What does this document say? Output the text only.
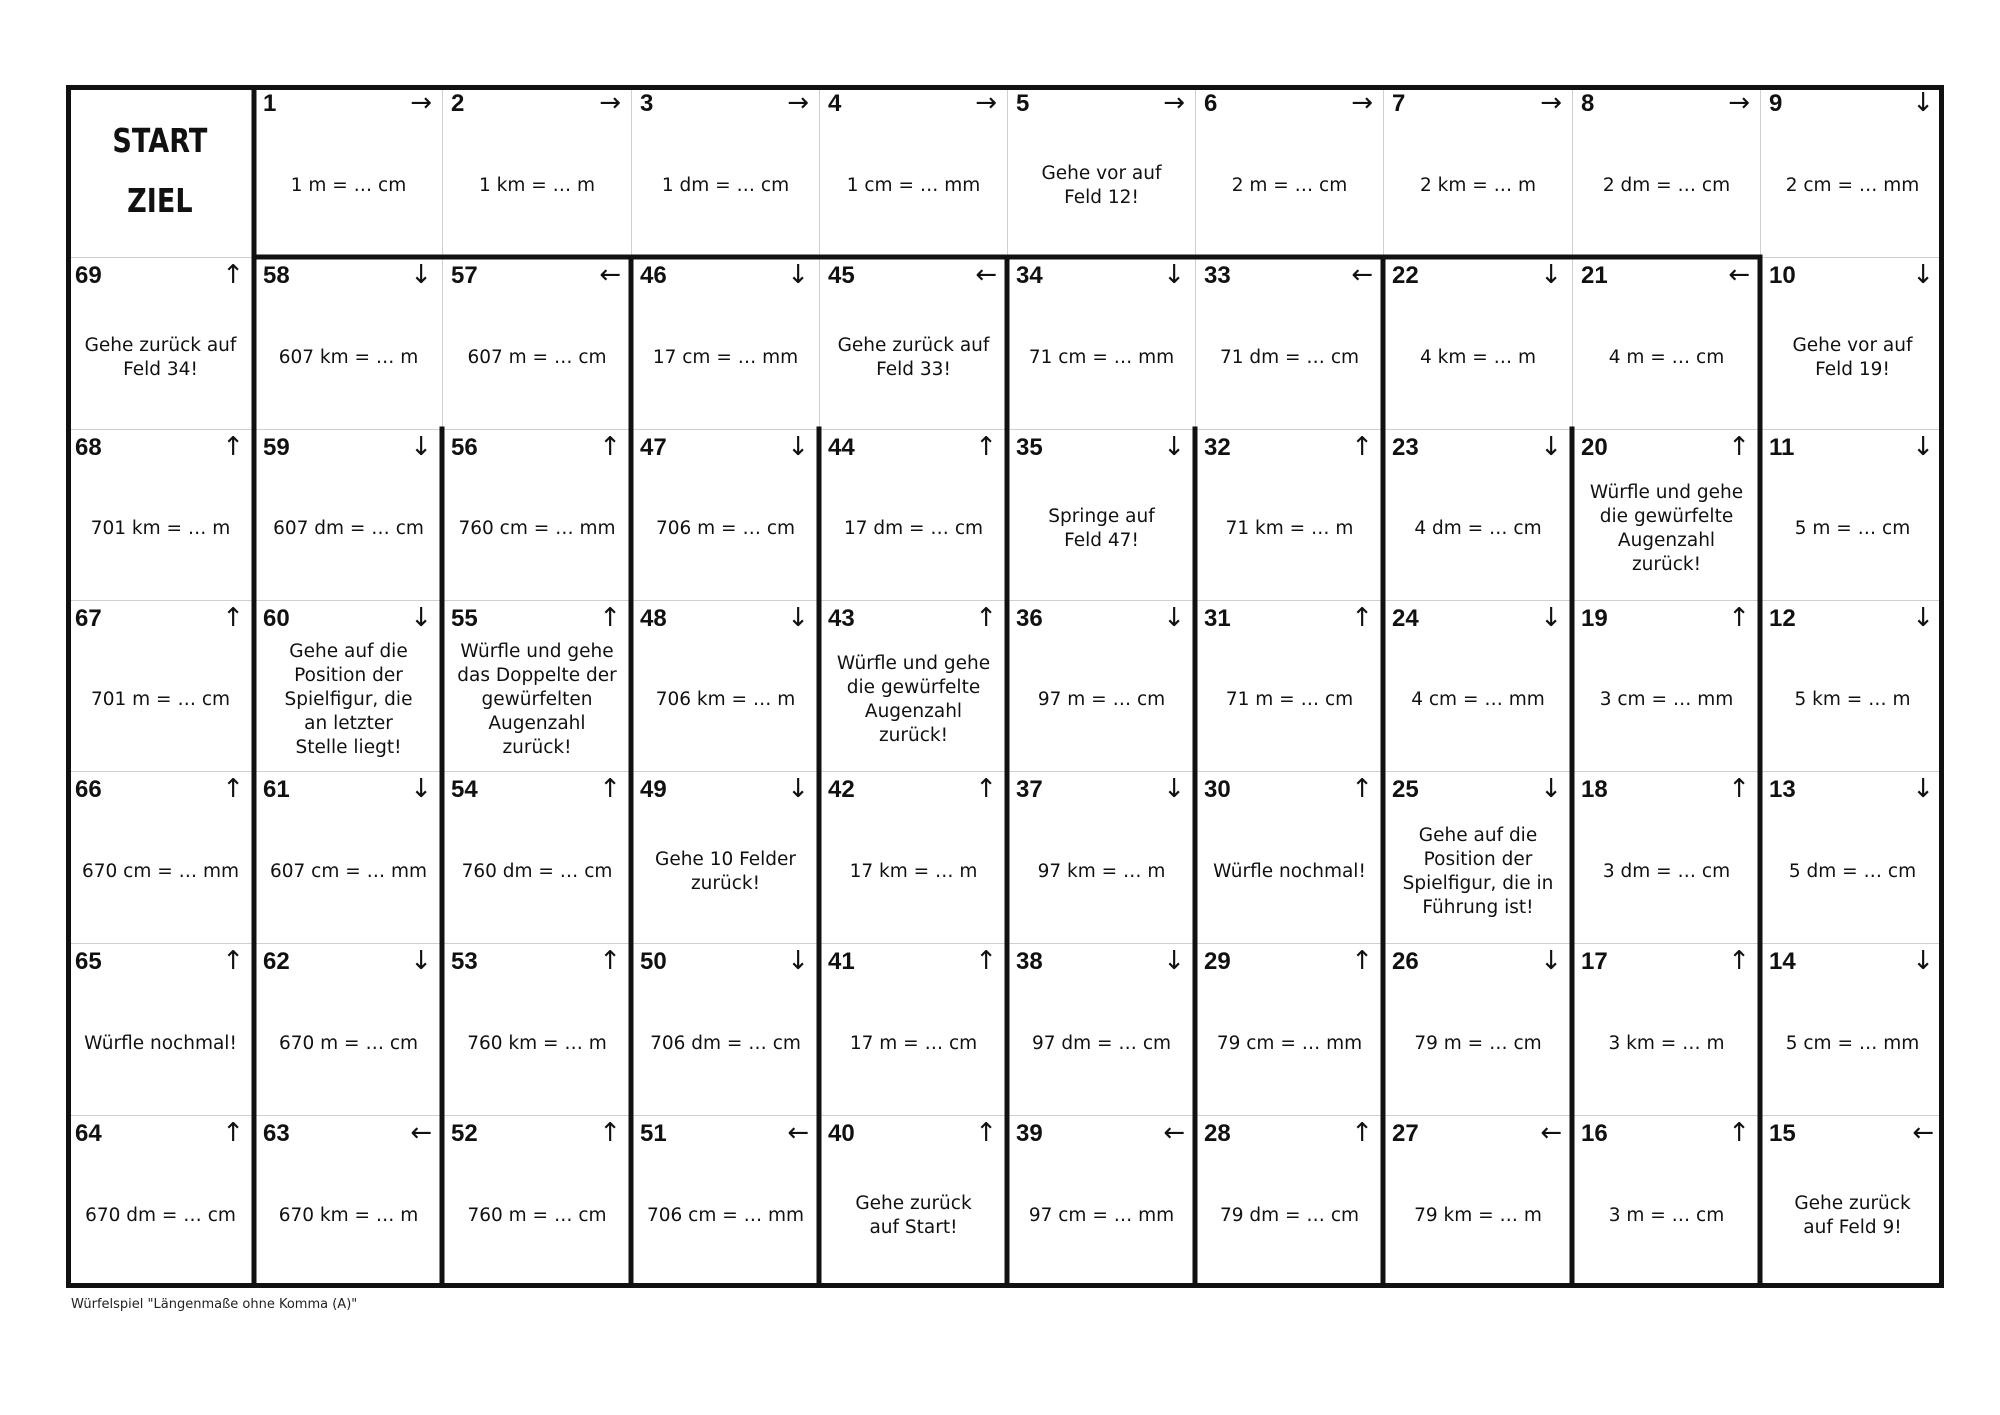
START
ZIEL
1	→
1 m = … cm
2	→
1 km = … m
3	→
1 dm = … cm
4	→
1 cm = … mm
5	→
Gehe vor auf
Feld 12!
6	→
2 m = … cm
7	→
2 km = … m
8	→
2 dm = … cm
9	↓
2 cm = … mm
69	↑
Gehe zurück auf
Feld 34!
58	↓
607 km = … m
57	←
607 m = … cm
46	↓
17 cm = … mm
45	←
Gehe zurück auf
Feld 33!
34	↓
71 cm = … mm
33	←
71 dm = … cm
22	↓
4 km = … m
21	←
4 m = … cm
10	↓
Gehe vor auf
Feld 19!
68	↑
701 km = … m
59	↓
607 dm = … cm
56	↑
760 cm = … mm
47	↓
706 m = … cm
44	↑
17 dm = … cm
35	↓
Springe auf
Feld 47!
32	↑
71 km = … m
23	↓
4 dm = … cm
20	↑
Würfle und gehe
die gewürfelte
Augenzahl
zurück!
11	↓
5 m = … cm
67	↑
701 m = … cm
60	↓
Gehe auf die
Position der
Spielfigur, die
an letzter
Stelle liegt!
55	↑
Würfle und gehe
das Doppelte der
gewürfelten
Augenzahl
zurück!
48	↓
706 km = … m
43	↑
Würfle und gehe
die gewürfelte
Augenzahl
zurück!
36	↓
97 m = … cm
31	↑
71 m = … cm
24	↓
4 cm = … mm
19	↑
3 cm = … mm
12	↓
5 km = … m
66	↑
670 cm = … mm
61	↓
607 cm = … mm
54	↑
760 dm = … cm
49	↓
Gehe 10 Felder
zurück!
42	↑
17 km = … m
37	↓
97 km = … m
30	↑
Würfle nochmal!
25	↓
Gehe auf die
Position der
Spielfigur, die in
Führung ist!
18	↑
3 dm = … cm
13	↓
5 dm = … cm
65	↑
Würfle nochmal!
62	↓
670 m = … cm
53	↑
760 km = … m
50	↓
706 dm = … cm
41	↑
17 m = … cm
38	↓
97 dm = … cm
29	↑
79 cm = … mm
26	↓
79 m = … cm
17	↑
3 km = … m
14	↓
5 cm = … mm
64	↑
670 dm = … cm
63	←
670 km = … m
52	↑
760 m = … cm
51	←
706 cm = … mm
40	↑
Gehe zurück
auf Start!
39	←
97 cm = … mm
28	↑
79 dm = … cm
27	←
79 km = … m
16	↑
3 m = … cm
15	←
Gehe zurück
auf Feld 9!
Würfelspiel "Längenmaße ohne Komma (A)"
